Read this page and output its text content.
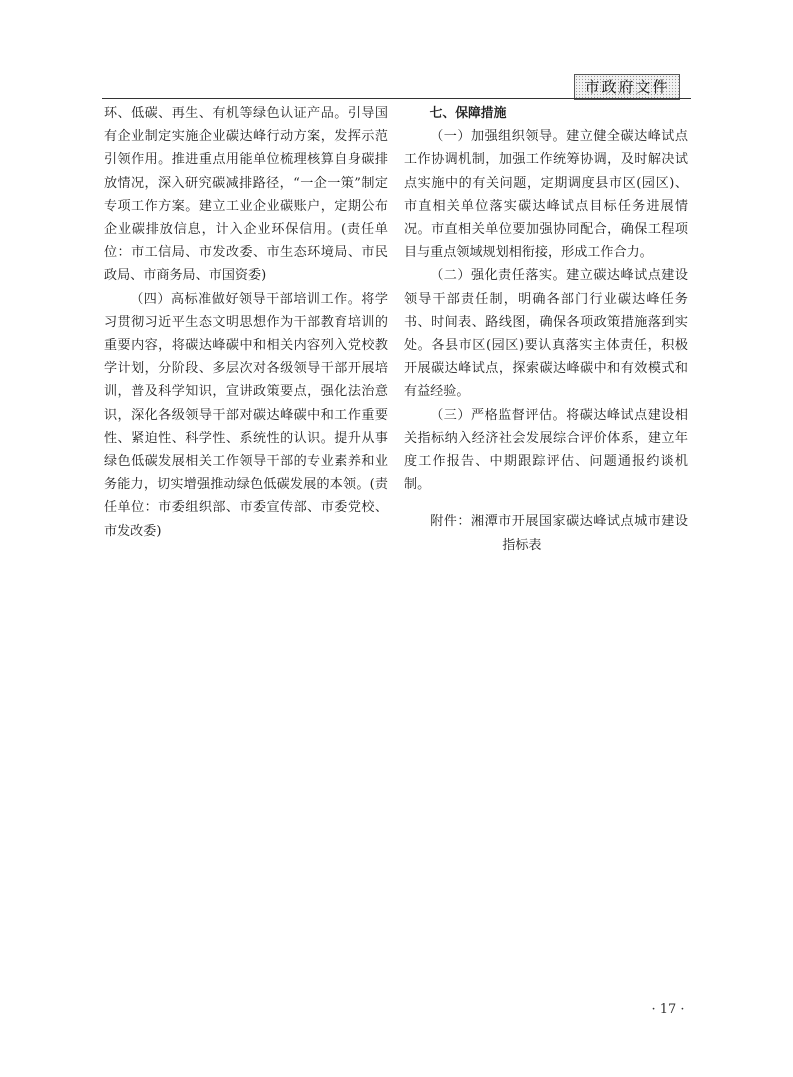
市政府文件

环、低碳、再生、有机等绿色认证产品。引导国有企业制定实施企业碳达峰行动方案，发挥示范引领作用。推进重点用能单位梳理核算自身碳排放情况，深入研究碳减排路径，“一企一策”制定专项工作方案。建立工业企业碳账户，定期公布企业碳排放信息，计入企业环保信用。(责任单位：市工信局、市发改委、市生态环境局、市民政局、市商务局、市国资委)

（四）高标准做好领导干部培训工作。将学习贯彻习近平生态文明思想作为干部教育培训的重要内容，将碳达峰碳中和相关内容列入党校教学计划，分阶段、多层次对各级领导干部开展培训，普及科学知识，宣讲政策要点，强化法治意识，深化各级领导干部对碳达峰碳中和工作重要性、紧迫性、科学性、系统性的认识。提升从事绿色低碳发展相关工作领导干部的专业素养和业务能力，切实增强推动绿色低碳发展的本领。(责任单位：市委组织部、市委宣传部、市委党校、市发改委)

七、保障措施

（一）加强组织领导。建立健全碳达峰试点工作协调机制，加强工作统筹协调，及时解决试点实施中的有关问题，定期调度县市区(园区)、市直相关单位落实碳达峰试点目标任务进展情况。市直相关单位要加强协同配合，确保工程项目与重点领域规划相衔接，形成工作合力。

（二）强化责任落实。建立碳达峰试点建设领导干部责任制，明确各部门行业碳达峰任务书、时间表、路线图，确保各项政策措施落到实处。各县市区(园区)要认真落实主体责任，积极开展碳达峰试点，探索碳达峰碳中和有效模式和有益经验。

（三）严格监督评估。将碳达峰试点建设相关指标纳入经济社会发展综合评价体系，建立年度工作报告、中期跟踪评估、问题通报约谈机制。

附件：湘潭市开展国家碳达峰试点城市建设指标表

· 17 ·
